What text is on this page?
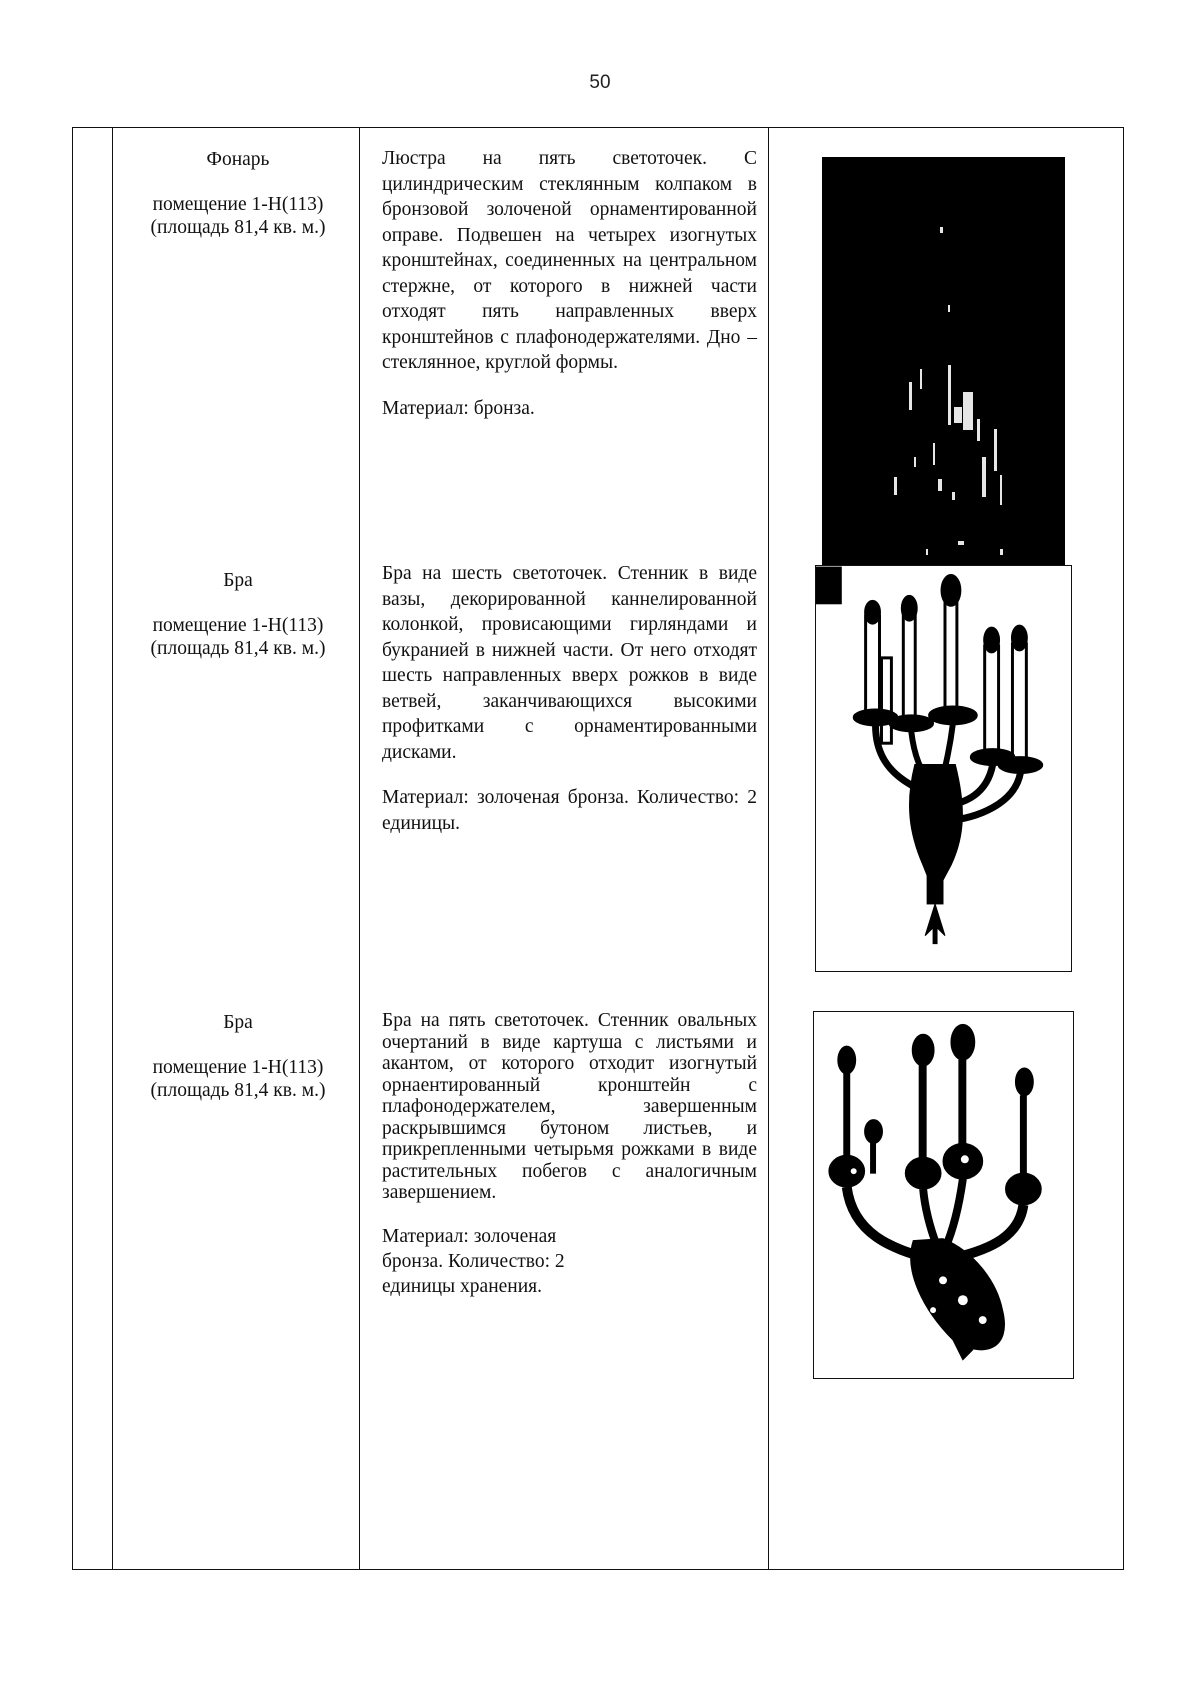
50
Фонарь
помещение 1-Н(113)
(площадь 81,4 кв. м.)

Люстра на пять светоточек. С цилиндрическим стеклянным колпаком в бронзовой золоченой орнаментированной оправе. Подвешен на четырех изогнутых кронштейнах, соединенных на центральном стержне, от которого в нижней части отходят пять направленных вверх кронштейнов с плафонодержателями. Дно – стеклянное, круглой формы.

Материал: бронза.

Бра
помещение 1-Н(113)
(площадь 81,4 кв. м.)

Бра на шесть светоточек. Стенник в виде вазы, декорированной каннелированной колонкой, провисающими гирляндами и букранией в нижней части. От него отходят шесть направленных вверх рожков в виде ветвей, заканчивающихся высокими профитками с орнаментированными дисками.

Материал: золоченая бронза. Количество: 2 единицы.

Бра
помещение 1-Н(113)
(площадь 81,4 кв. м.)

Бра на пять светоточек. Стенник овальных очертаний в виде картуша с листьями и акантом, от которого отходит изогнутый орнаентированный кронштейн с плафонодержателем, завершенным раскрывшимся бутоном листьев, и прикрепленными четырьмя рожками в виде растительных побегов с аналогичным завершением.

Материал: золоченая бронза. Количество: 2 единицы хранения.
